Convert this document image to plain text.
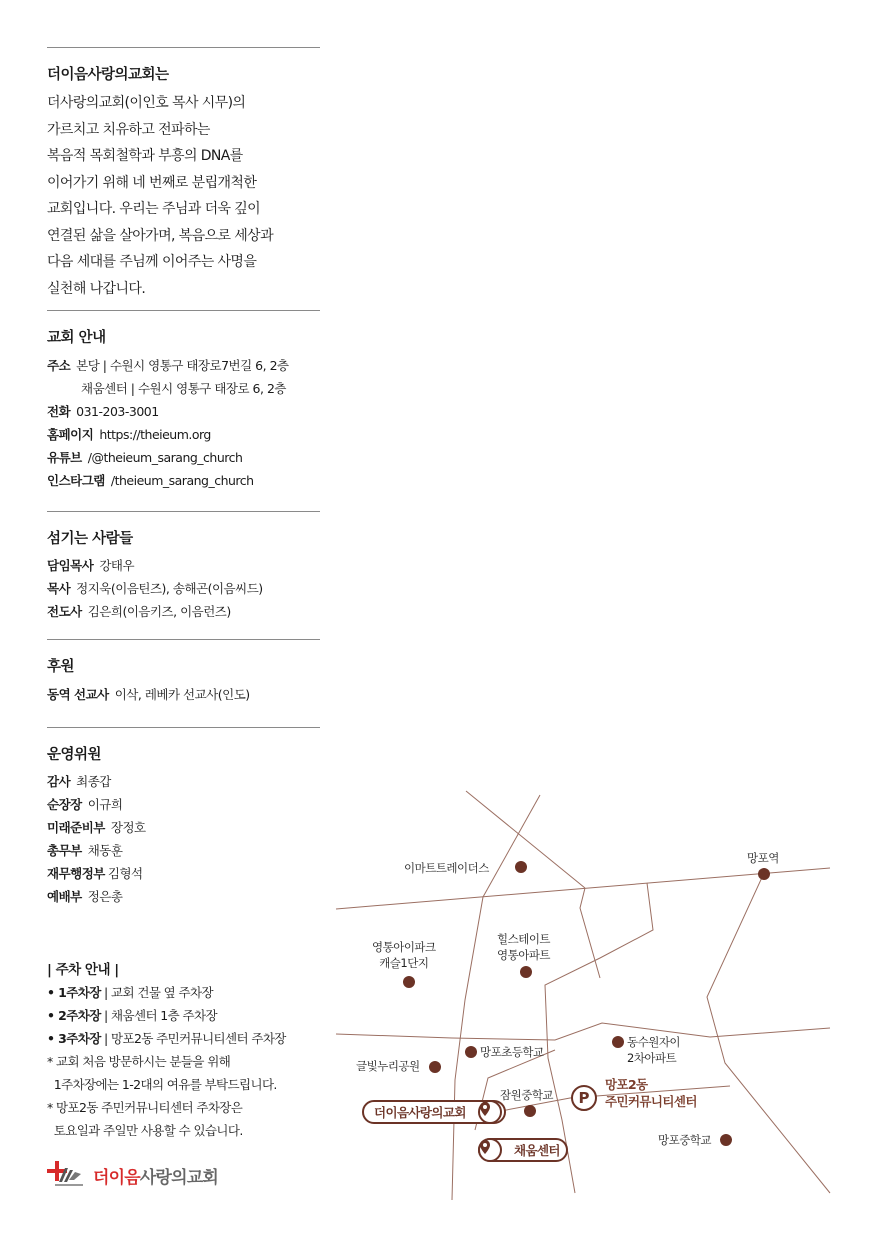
더이음사랑의교회는
더사랑의교회(이인호 목사 시무)의
가르치고 치유하고 전파하는
복음적 목회철학과 부흥의 DNA를
이어가기 위해 네 번째로 분립개척한
교회입니다. 우리는 주님과 더욱 깊이
연결된 삶을 살아가며, 복음으로 세상과
다음 세대를 주님께 이어주는 사명을
실천해 나갑니다.
교회 안내
주소 본당 | 수원시 영통구 태장로7번길 6, 2층
채움센터 | 수원시 영통구 태장로 6, 2층
전화 031-203-3001
홈페이지 https://theieum.org
유튜브 /@theieum_sarang_church
인스타그램 /theieum_sarang_church
섬기는 사람들
담임목사 강태우
목사 정지욱(이음틴즈), 송해곤(이음씨드)
전도사 김은희(이음키즈, 이음런즈)
후원
동역 선교사 이삭, 레베카 선교사(인도)
운영위원
감사 최종갑
순장장 이규희
미래준비부 장정호
총무부 채동훈
재무행정부 김형석
예배부 정은총
| 주차 안내 |
• 1주차장 | 교회 건물 옆 주차장
• 2주차장 | 채움센터 1층 주차장
• 3주차장 | 망포2동 주민커뮤니티센터 주차장
* 교회 처음 방문하시는 분들을 위해
1주차장에는 1-2대의 여유를 부탁드립니다.
* 망포2동 주민커뮤니티센터 주차장은
토요일과 주일만 사용할 수 있습니다.
더이음사랑의교회
이마트트레이더스
망포역
영통아이파크
캐슬1단지
힐스테이트
영통아파트
글빛누리공원
망포초등학교
동수원자이
2차아파트
잠원중학교
망포중학교
P
망포2동
주민커뮤니티센터
더이음사랑의교회
채움센터
